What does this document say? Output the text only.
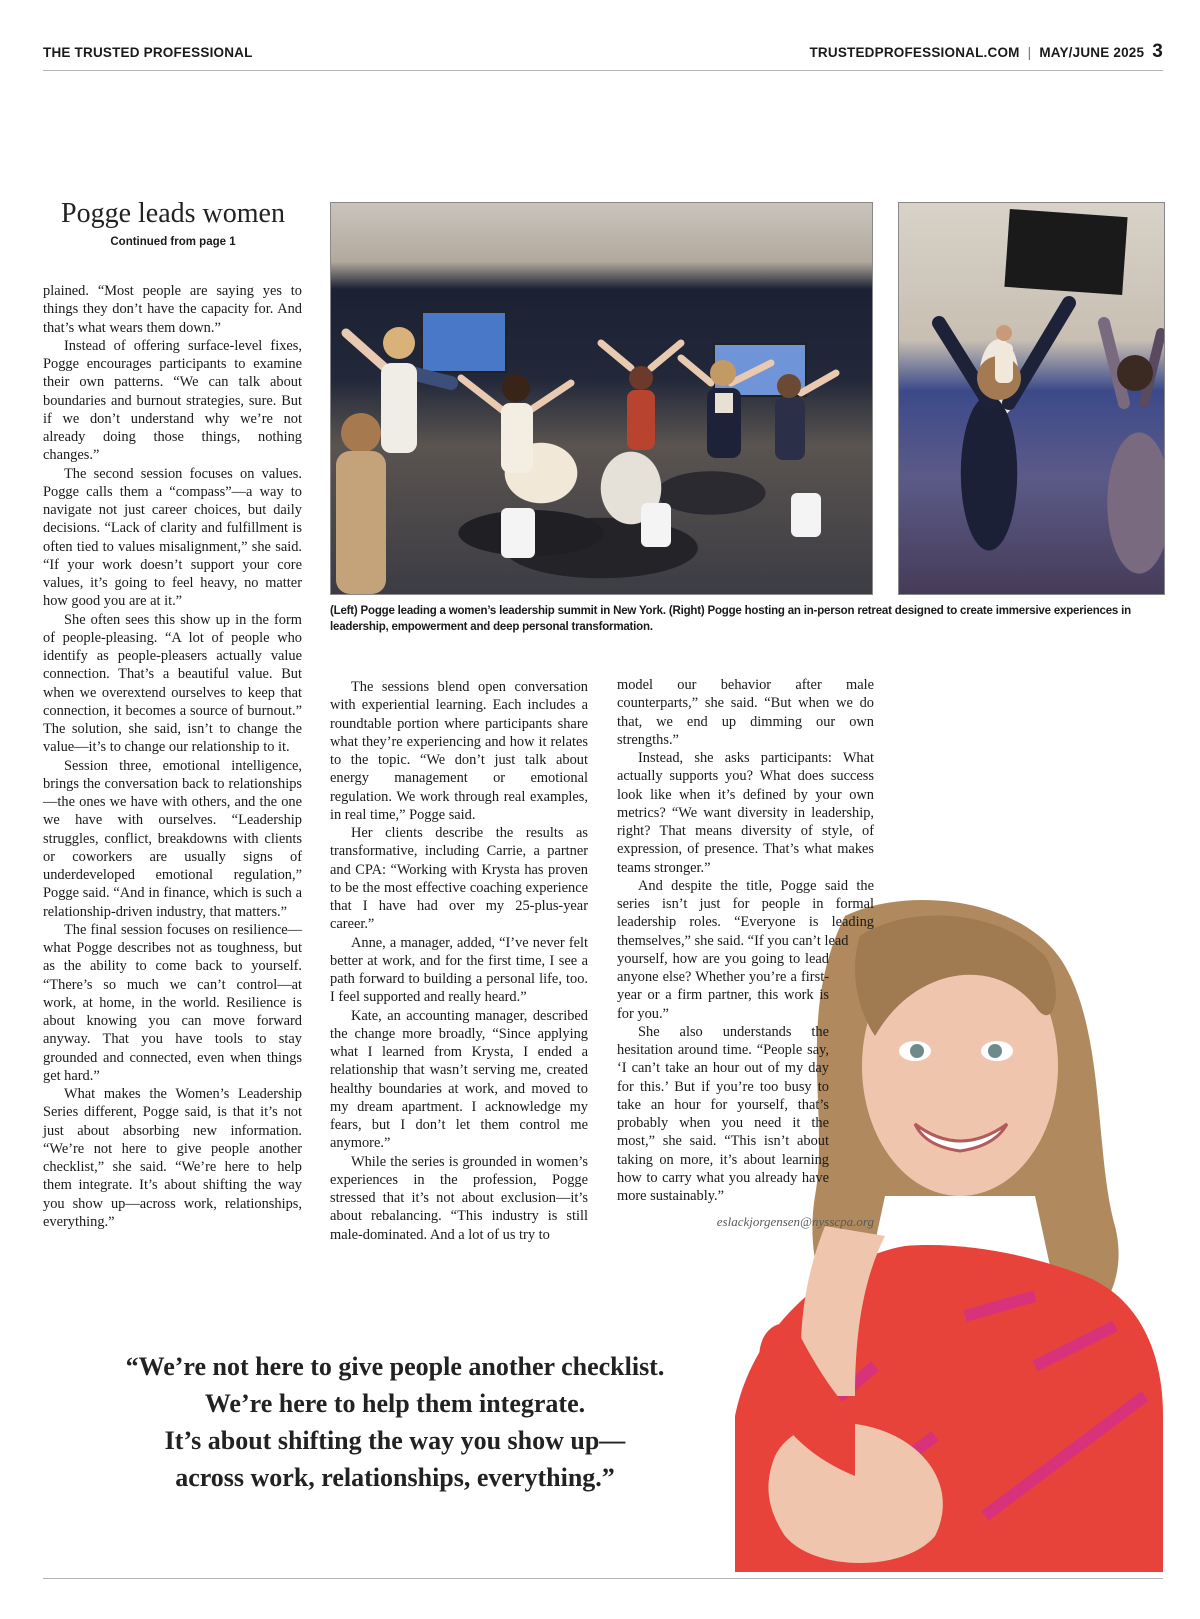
THE TRUSTED PROFESSIONAL	TRUSTEDPROFESSIONAL.COM | MAY/JUNE 2025 3
Pogge leads women
Continued from page 1

plained. “Most people are saying yes to things they don’t have the capacity for. And that’s what wears them down.”

Instead of offering surface-level fixes, Pogge encourages participants to examine their own patterns. “We can talk about boundaries and burnout strategies, sure. But if we don’t understand why we’re not already doing those things, nothing changes.”

The second session focuses on values. Pogge calls them a “compass”—a way to navigate not just career choices, but daily decisions. “Lack of clarity and fulfillment is often tied to values misalignment,” she said. “If your work doesn’t support your core values, it’s going to feel heavy, no matter how good you are at it.”

She often sees this show up in the form of people-pleasing. “A lot of people who identify as people-pleasers actually value connection. That’s a beautiful value. But when we overextend ourselves to keep that connection, it becomes a source of burnout.” The solution, she said, isn’t to change the value—it’s to change our relationship to it.

Session three, emotional intelligence, brings the conversation back to relationships—the ones we have with others, and the one we have with ourselves. “Leadership struggles, conflict, breakdowns with clients or coworkers are usually signs of underdeveloped emotional regulation,” Pogge said. “And in finance, which is such a relationship-driven industry, that matters.”

The final session focuses on resilience—what Pogge describes not as toughness, but as the ability to come back to yourself. “There’s so much we can’t control—at work, at home, in the world. Resilience is about knowing you can move forward anyway. That you have tools to stay grounded and connected, even when things get hard.”

What makes the Women’s Leadership Series different, Pogge said, is that it’s not just about absorbing new information. “We’re not here to give people another checklist,” she said. “We’re here to help them integrate. It’s about shifting the way you show up—across work, relationships, everything.”

(Left) Pogge leading a women’s leadership summit in New York. (Right) Pogge hosting an in-person retreat designed to create immersive experiences in leadership, empowerment and deep personal transformation.

The sessions blend open conversation with experiential learning. Each includes a roundtable portion where participants share what they’re experiencing and how it relates to the topic. “We don’t just talk about energy management or emotional regulation. We work through real examples, in real time,” Pogge said.

Her clients describe the results as transformative, including Carrie, a partner and CPA: “Working with Krysta has proven to be the most effective coaching experience that I have had over my 25-plus-year career.”

Anne, a manager, added, “I’ve never felt better at work, and for the first time, I see a path forward to building a personal life, too. I feel supported and really heard.”

Kate, an accounting manager, described the change more broadly, “Since applying what I learned from Krysta, I ended a relationship that wasn’t serving me, created healthy boundaries at work, and moved to my dream apartment. I acknowledge my fears, but I don’t let them control me anymore.”

While the series is grounded in women’s experiences in the profession, Pogge stressed that it’s not about exclusion—it’s about rebalancing. “This industry is still male-dominated. And a lot of us try to

model our behavior after male counterparts,” she said. “But when we do that, we end up dimming our own strengths.”

Instead, she asks participants: What actually supports you? What does success look like when it’s defined by your own metrics? “We want diversity in leadership, right? That means diversity of style, of expression, of presence. That’s what makes teams stronger.”

And despite the title, Pogge said the series isn’t just for people in formal leadership roles. “Everyone is leading themselves,” she said. “If you can’t lead

yourself, how are you going to lead anyone else? Whether you’re a first-year or a firm partner, this work is for you.”

She also understands the hesitation around time. “People say, ‘I can’t take an hour out of my day for this.’ But if you’re too busy to take an hour for yourself, that’s probably when you need it the most,” she said. “This isn’t about taking on more, it’s about learning how to carry what you already have more sustainably.”

eslackjorgensen@nysscpa.org
“We’re not here to give people another checklist.
We’re here to help them integrate.
It’s about shifting the way you show up—
across work, relationships, everything.”
